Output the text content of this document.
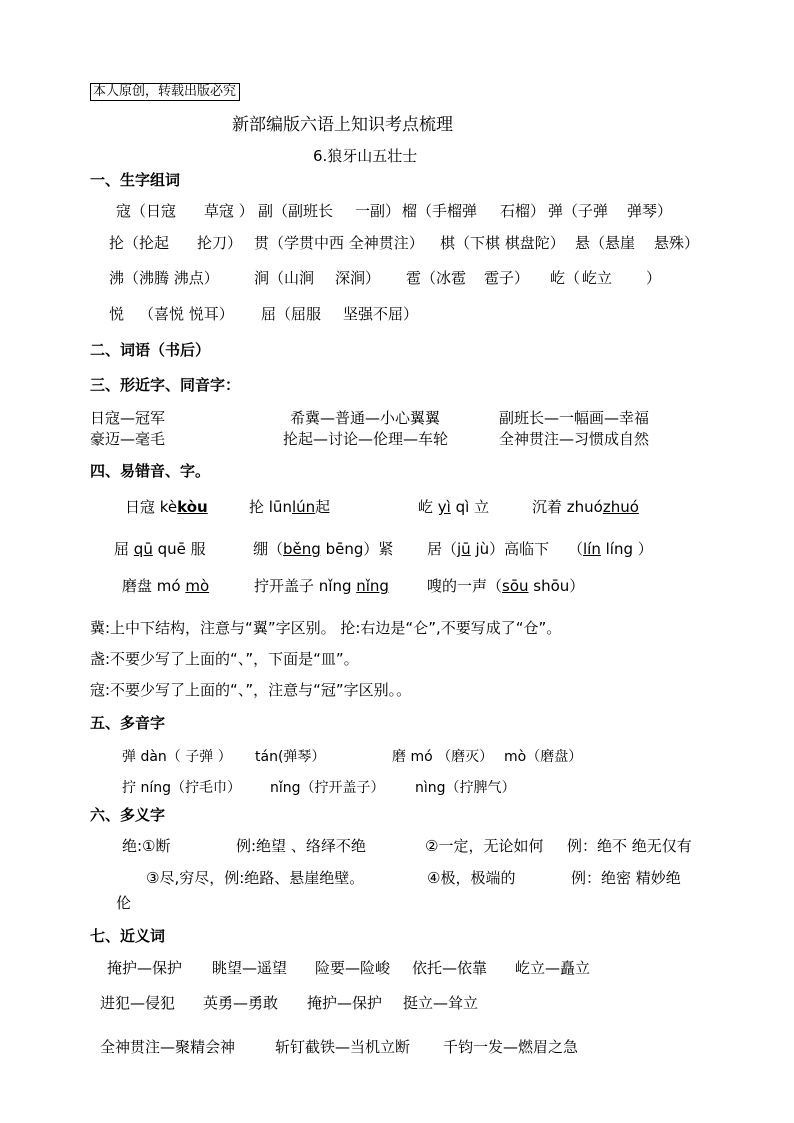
本人原创，转载出版必究
新部编版六语上知识考点梳理
6.狼牙山五壮士
一、生字组词
寇（日寇 草寇 ） 副（副班长 一副） 榴（手榴弹 石榴） 弹（子弹 弹琴）
抡（抡起 抡刀） 贯（学贯中西 全神贯注） 棋（下棋 棋盘陀） 悬（悬崖 悬殊）
沸（沸腾 沸点） 涧（山涧 深涧） 雹（冰雹 雹子） 屹（ 屹立 ）
悦 （喜悦 悦耳） 屈（屈服 坚强不屈）
二、词语（书后）
三、形近字、同音字：
日寇—冠军	希冀—普通—小心翼翼	副班长—一幅画—幸福
豪迈—毫毛	抡起—讨论—伦理—车轮	全神贯注—习惯成自然
四、易错音、字。
日寇 kèkòu	抡 lūnlún起	屹 yì qì 立	沉着 zhuózhuó
屈 qū quē 服	绷（běng bēng）紧 居（jū jù）高临下 （lín líng ）
磨盘 mó mò	拧开盖子 nǐng nǐng	嗖的一声（sōu shōu）
冀:上中下结构，注意与“翼”字区别。 抡:右边是“仑”,不要写成了“仓”。
盏:不要少写了上面的“、”，下面是“皿”。
寇:不要少写了上面的“、”，注意与“冠”字区别。。
五、多音字
弹 dàn（ 子弹 ） tán(弹琴）	磨 mó （磨灭） mò（磨盘）
拧 níng（拧毛巾） nǐng（拧开盖子） nìng（拧脾气）
六、多义字
绝:①断	例:绝望 、络绎不绝	②一定，无论如何 例：绝不 绝无仅有
③尽,穷尽，例:绝路、悬崖绝壁。	④极，极端的	例：绝密 精妙绝
伦
七、近义词
掩护—保护 眺望—遥望 险要—险峻 依托—依靠 屹立—矗立
进犯—侵犯 英勇—勇敢 掩护—保护 挺立—耸立
全神贯注—聚精会神	斩钉截铁—当机立断 千钧一发—燃眉之急
